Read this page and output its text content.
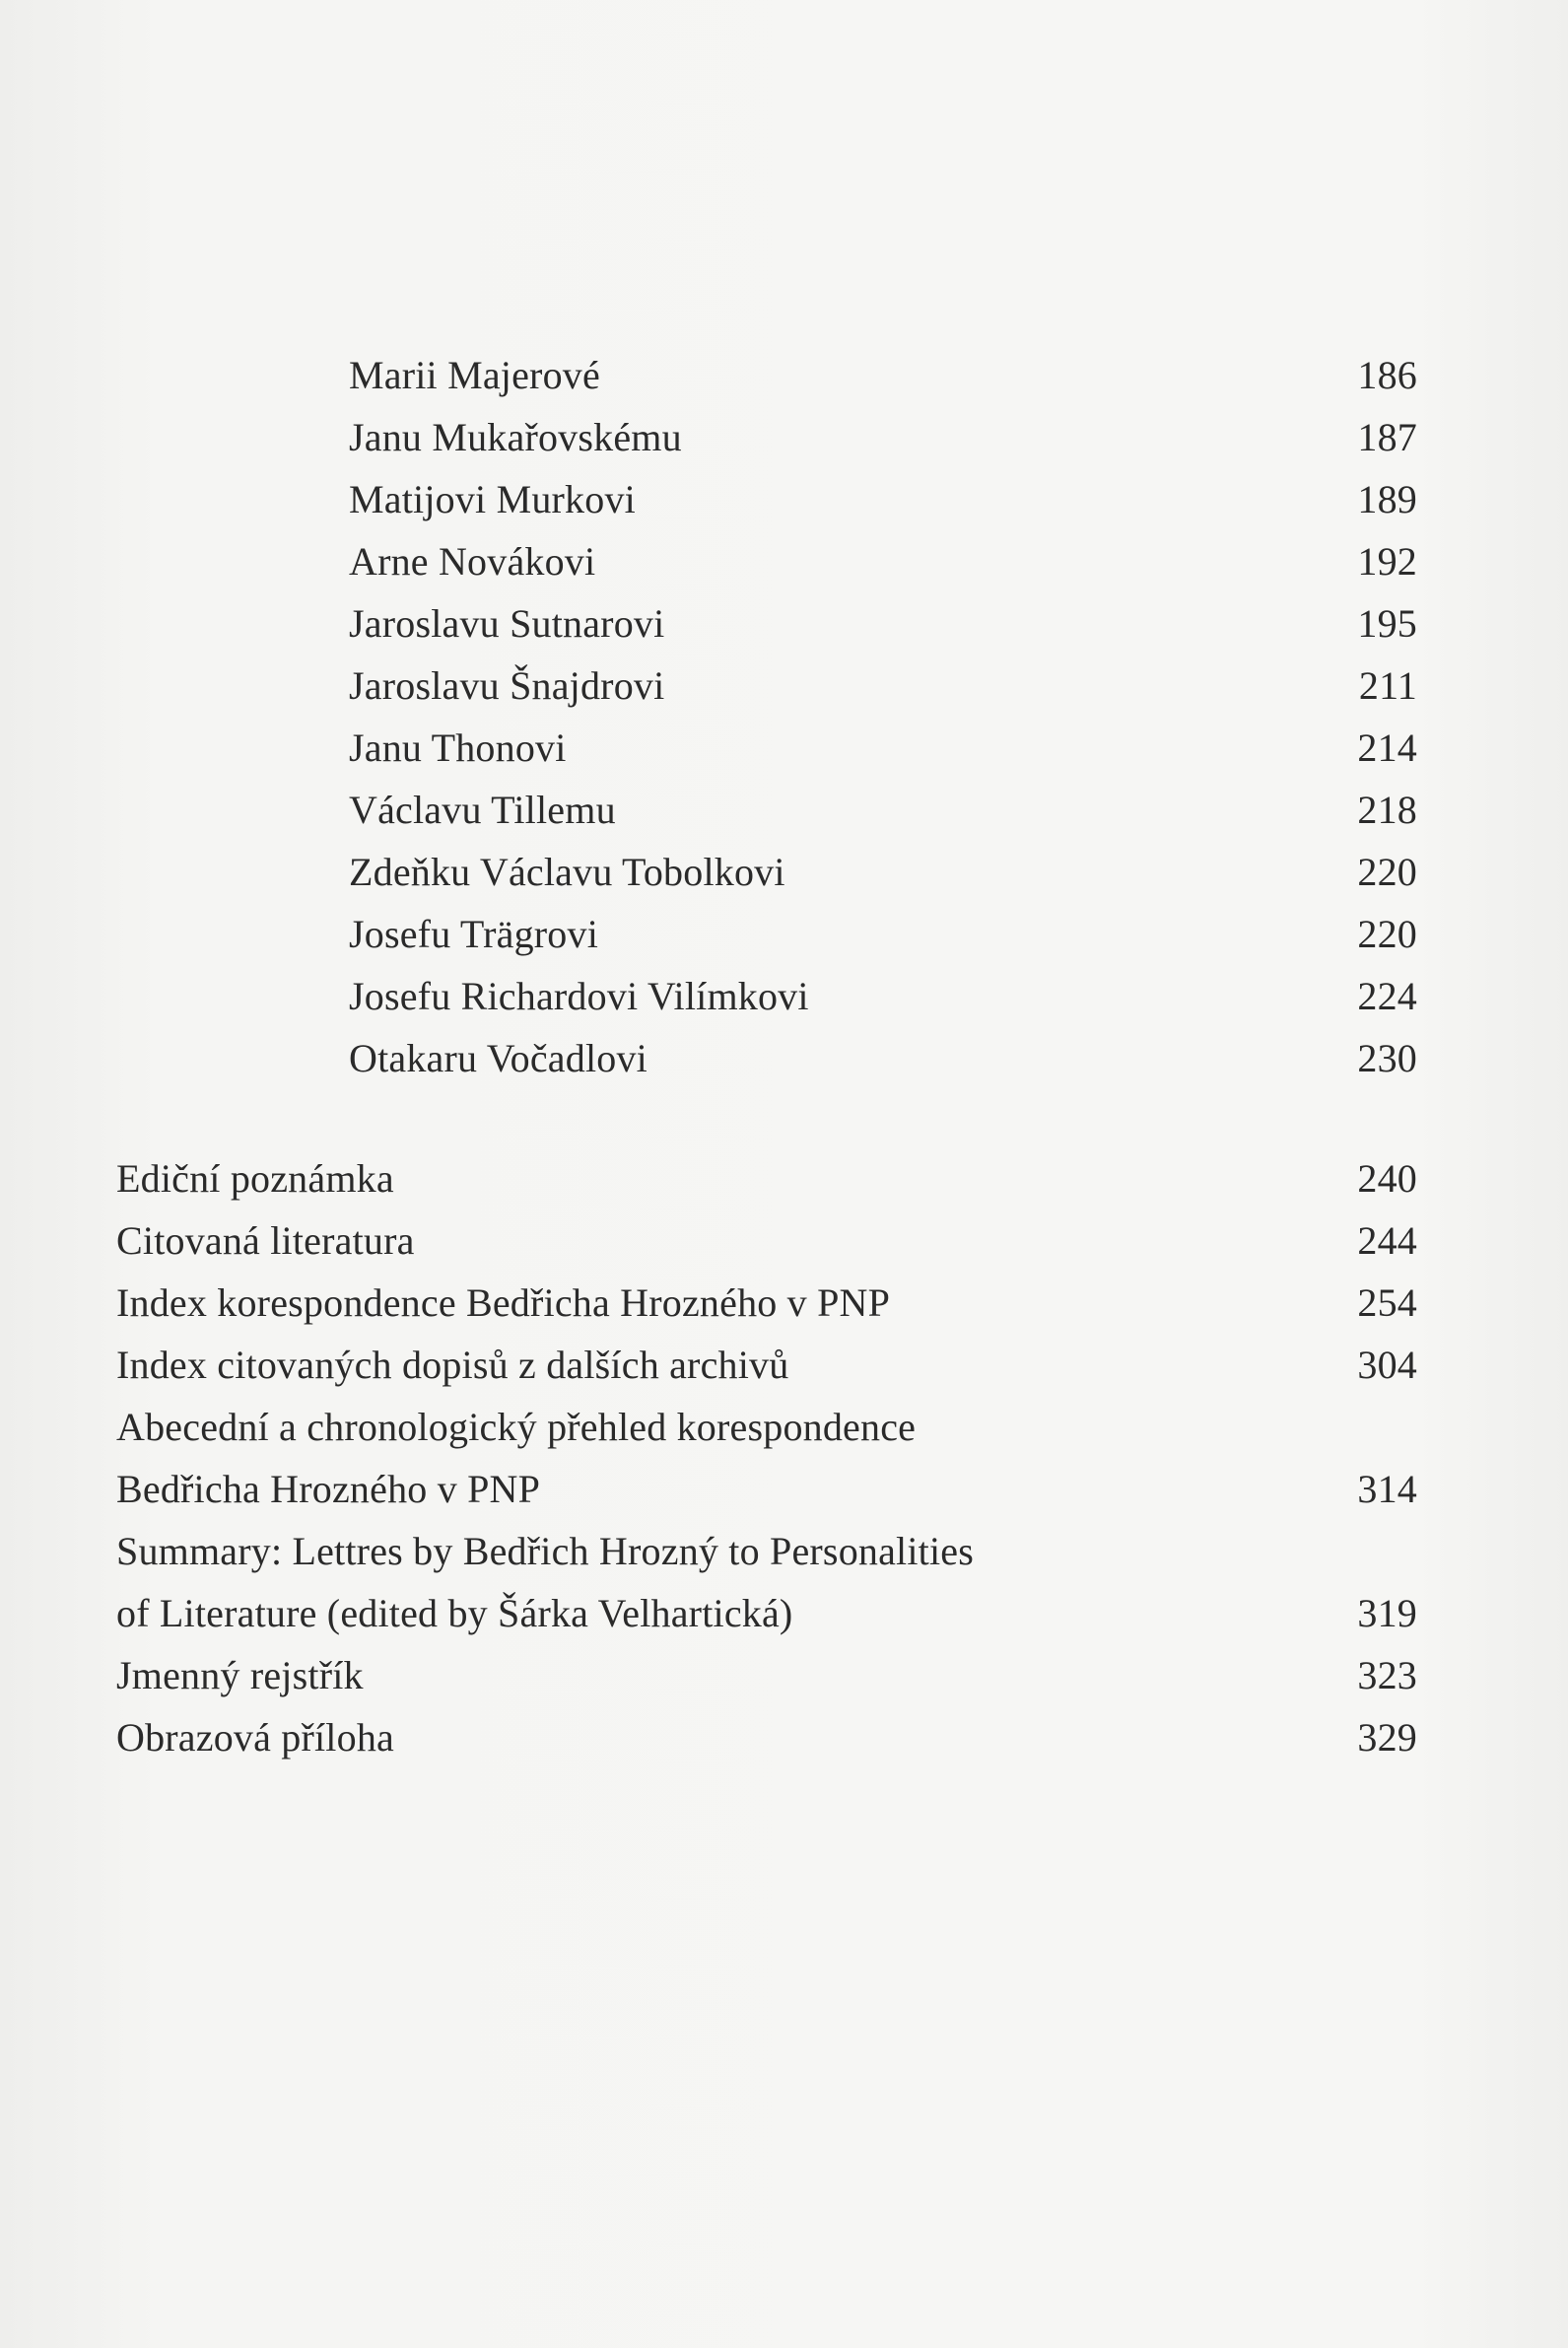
Marii Majerové	186
Janu Mukařovskému	187
Matijovi Murkovi	189
Arne Novákovi	192
Jaroslavu Sutnarovi	195
Jaroslavu Šnajdrovi	211
Janu Thonovi	214
Václavu Tillemu	218
Zdeňku Václavu Tobolkovi	220
Josefu Trägrovi	220
Josefu Richardovi Vilímkovi	224
Otakaru Vočadlovi	230
Ediční poznámka	240
Citovaná literatura	244
Index korespondence Bedřicha Hrozného v PNP	254
Index citovaných dopisů z dalších archivů	304
Abecední a chronologický přehled korespondence
Bedřicha Hrozného v PNP	314
Summary: Lettres by Bedřich Hrozný to Personalities
of Literature (edited by Šárka Velhartická)	319
Jmenný rejstřík	323
Obrazová příloha	329
